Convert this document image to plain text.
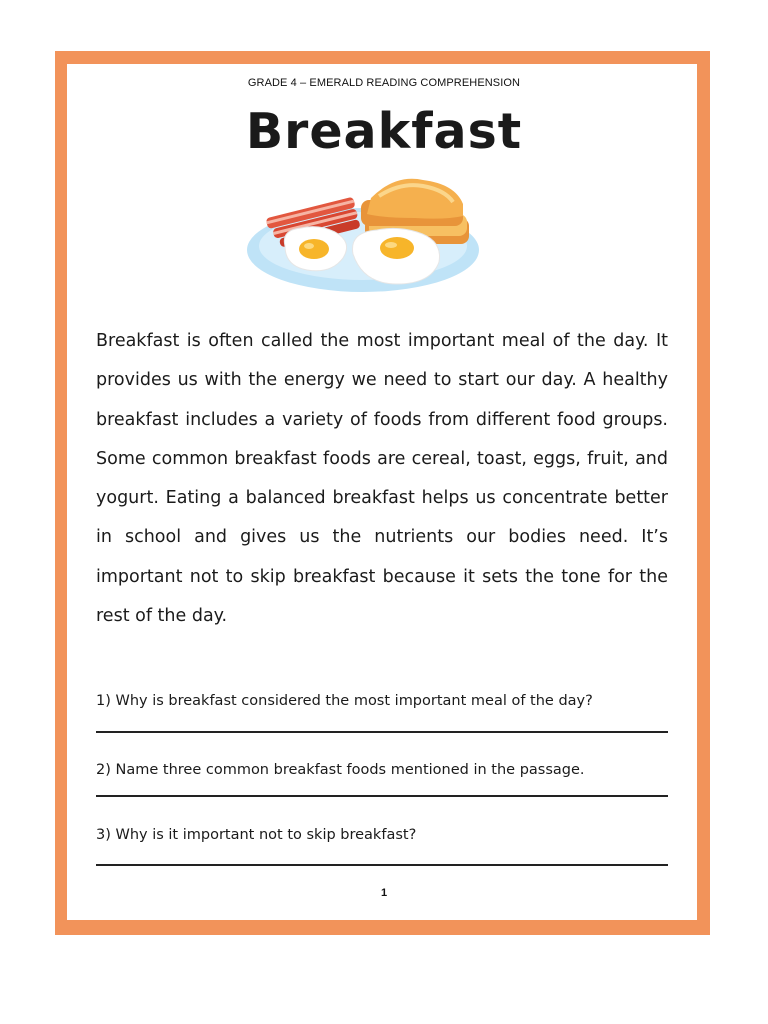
GRADE 4 – EMERALD READING COMPREHENSION
Breakfast

Breakfast is often called the most important meal of the day. It provides us with the energy we need to start our day. A healthy breakfast includes a variety of foods from different food groups. Some common breakfast foods are cereal, toast, eggs, fruit, and yogurt. Eating a balanced breakfast helps us concentrate better in school and gives us the nutrients our bodies need. It’s important not to skip breakfast because it sets the tone for the rest of the day.

1) Why is breakfast considered the most important meal of the day?

2) Name three common breakfast foods mentioned in the passage.

3) Why is it important not to skip breakfast?

1
